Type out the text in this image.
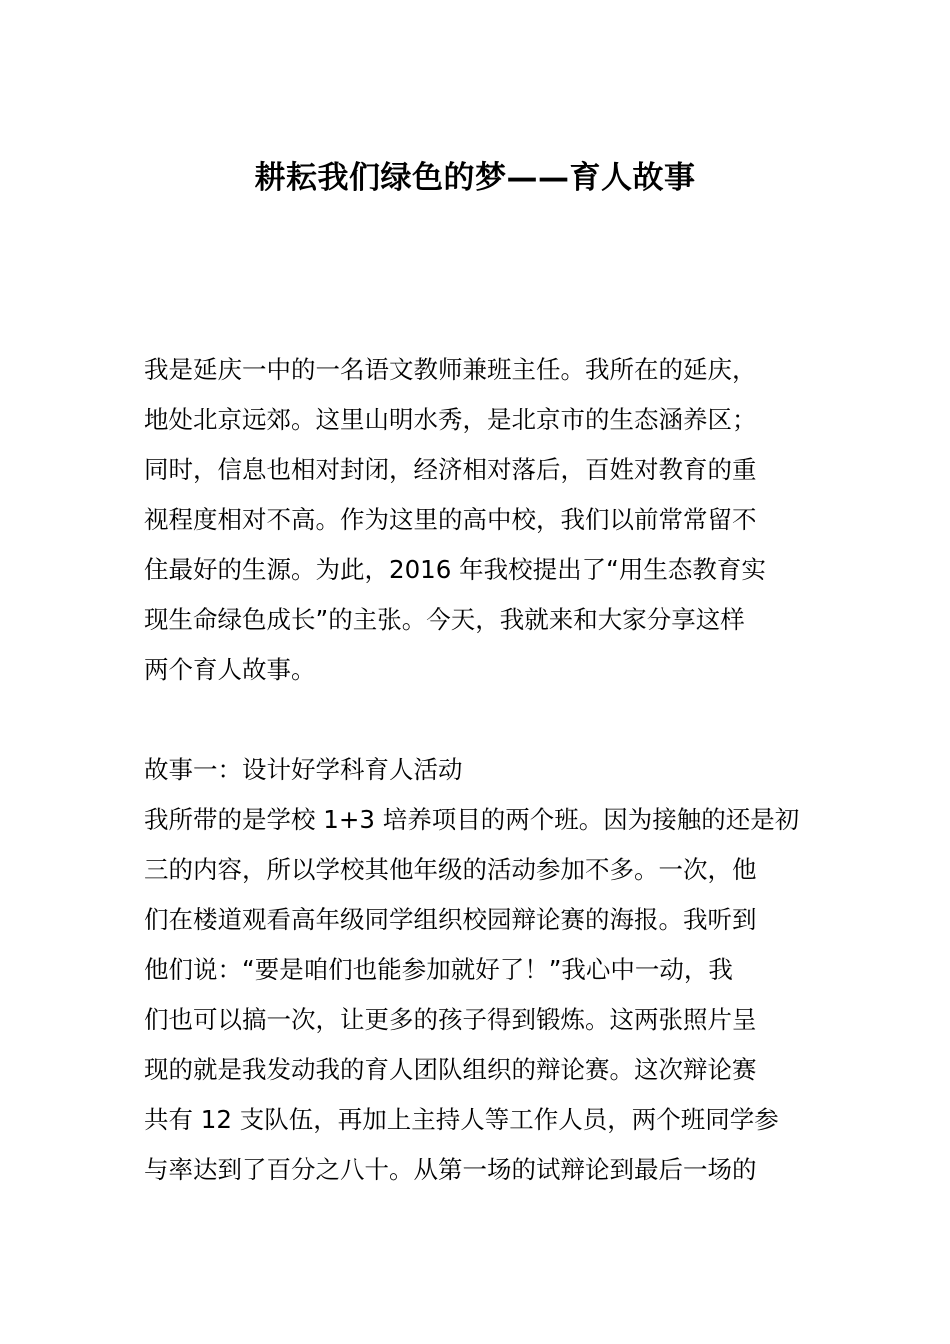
耕耘我们绿色的梦——育人故事
我是延庆一中的一名语文教师兼班主任。我所在的延庆，
地处北京远郊。这里山明水秀，是北京市的生态涵养区；
同时，信息也相对封闭，经济相对落后，百姓对教育的重
视程度相对不高。作为这里的高中校，我们以前常常留不
住最好的生源。为此，2016 年我校提出了“用生态教育实
现生命绿色成长”的主张。今天，我就来和大家分享这样
两个育人故事。
故事一：设计好学科育人活动
我所带的是学校 1+3 培养项目的两个班。因为接触的还是初
三的内容，所以学校其他年级的活动参加不多。一次，他
们在楼道观看高年级同学组织校园辩论赛的海报。我听到
他们说：“要是咱们也能参加就好了！”我心中一动，我
们也可以搞一次，让更多的孩子得到锻炼。这两张照片呈
现的就是我发动我的育人团队组织的辩论赛。这次辩论赛
共有 12 支队伍，再加上主持人等工作人员，两个班同学参
与率达到了百分之八十。从第一场的试辩论到最后一场的
